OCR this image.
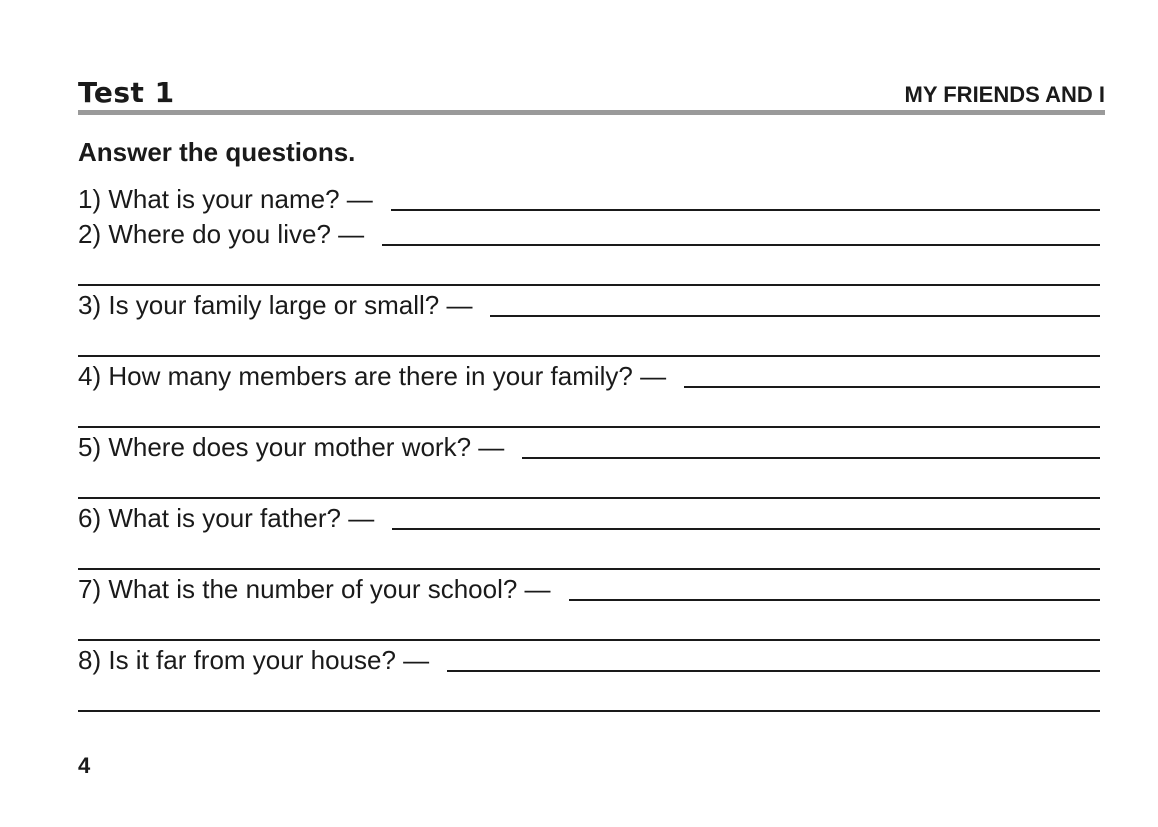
Test 1	MY FRIENDS AND I
Answer the questions.
1) What is your name? —
2) Where do you live? —
3) Is your family large or small? —
4) How many members are there in your family? —
5) Where does your mother work? —
6) What is your father? —
7) What is the number of your school? —
8) Is it far from your house? —
4
